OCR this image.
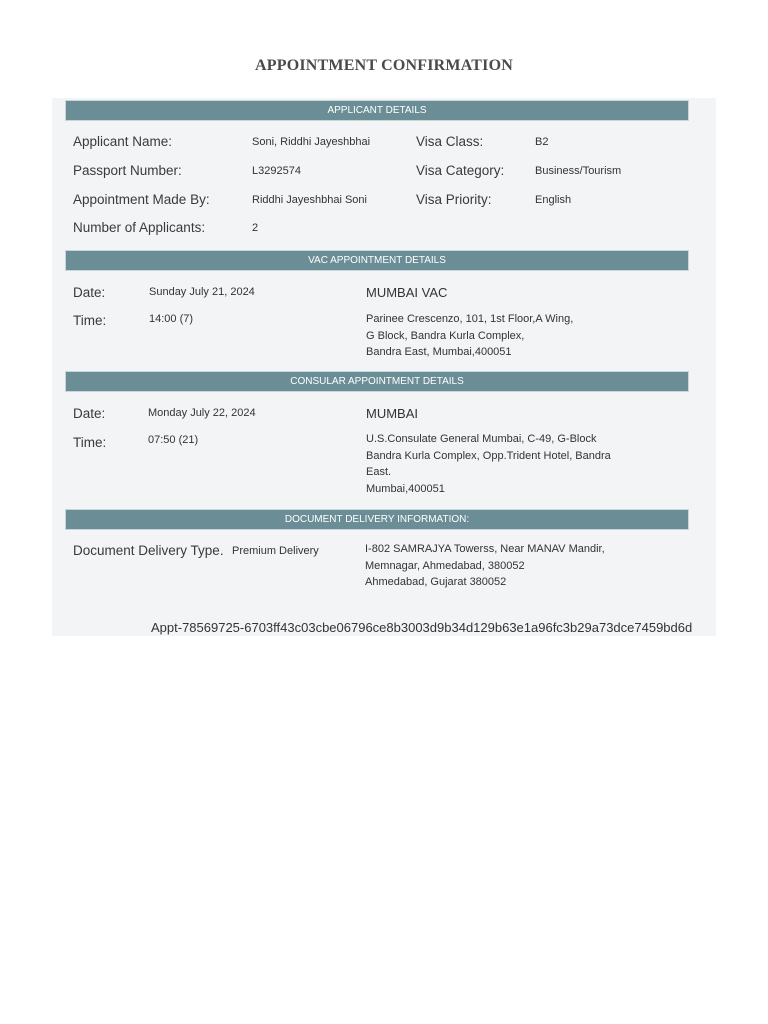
APPOINTMENT CONFIRMATION
APPLICANT DETAILS
Applicant Name:	Soni, Riddhi Jayeshbhai	Visa Class:	B2
Passport Number:	L3292574	Visa Category:	Business/Tourism
Appointment Made By:	Riddhi Jayeshbhai Soni	Visa Priority:	English
Number of Applicants:	2
VAC APPOINTMENT DETAILS
Date:	Sunday July 21, 2024	MUMBAI VAC
Time:	14:00 (7)	Parinee Crescenzo, 101, 1st Floor,A Wing,
G Block, Bandra Kurla Complex,
Bandra East, Mumbai,400051
CONSULAR APPOINTMENT DETAILS
Date:	Monday July 22, 2024	MUMBAI
Time:	07:50 (21)	U.S.Consulate General Mumbai, C-49, G-Block
Bandra Kurla Complex, Opp.Trident Hotel, Bandra
East.
Mumbai,400051
DOCUMENT DELIVERY INFORMATION:
Document Delivery Type. Premium Delivery	I-802 SAMRAJYA Towerss, Near MANAV Mandir,
Memnagar, Ahmedabad, 380052
Ahmedabad, Gujarat 380052
Appt-78569725-6703ff43c03cbe06796ce8b3003d9b34d129b63e1a96fc3b29a73dce7459bd6d
